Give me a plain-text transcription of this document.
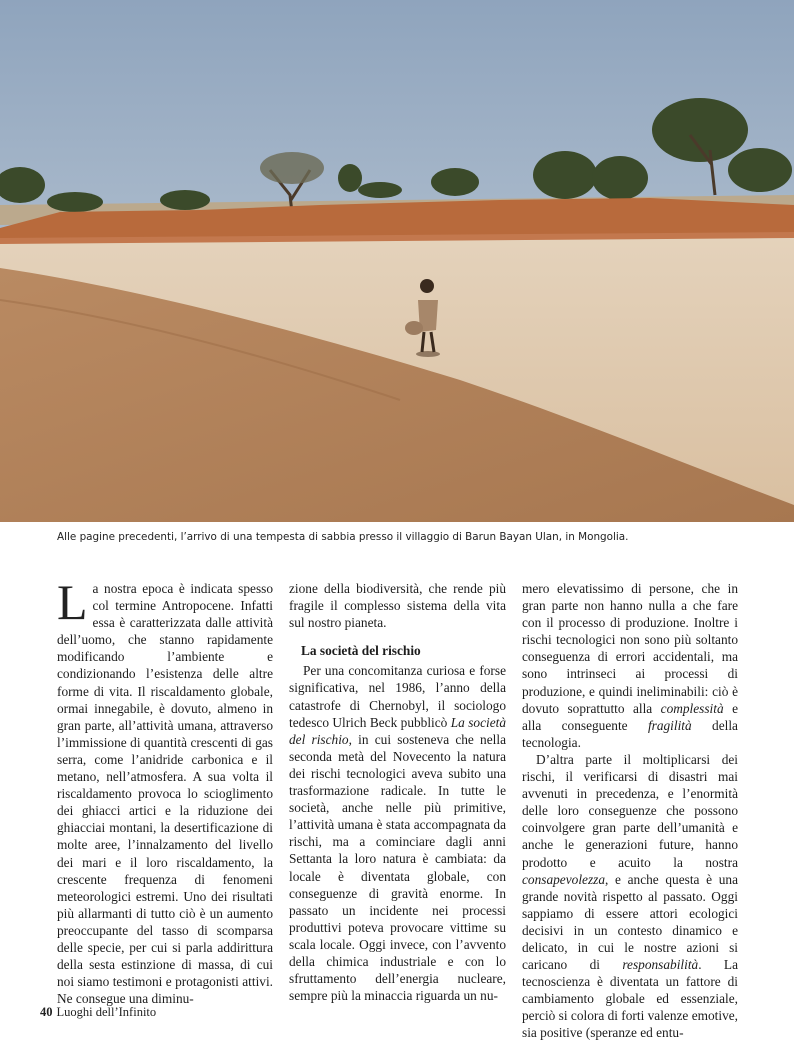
Alle pagine precedenti, l’arrivo di una tempesta di sabbia presso il villaggio di Barun Bayan Ulan, in Mongolia.

La nostra epoca è indicata spesso col termine Antropocene. Infatti essa è caratterizzata dalle attività dell’uomo, che stanno rapidamente modificando l’ambiente e condizionando l’esistenza delle altre forme di vita. Il riscaldamento globale, ormai innegabile, è dovuto, almeno in gran parte, all’attività umana, attraverso l’immissione di quantità crescenti di gas serra, come l’anidride carbonica e il metano, nell’atmosfera. A sua volta il riscaldamento provoca lo scioglimento dei ghiacci artici e la riduzione dei ghiacciai montani, la desertificazione di molte aree, l’innalzamento del livello dei mari e il loro riscaldamento, la crescente frequenza di fenomeni meteorologici estremi. Uno dei risultati più allarmanti di tutto ciò è un aumento preoccupante del tasso di scomparsa delle specie, per cui si parla addirittura della sesta estinzione di massa, di cui noi siamo testimoni e protagonisti attivi. Ne consegue una diminu-

zione della biodiversità, che rende più fragile il complesso sistema della vita sul nostro pianeta.

La società del rischio

Per una concomitanza curiosa e forse significativa, nel 1986, l’anno della catastrofe di Chernobyl, il sociologo tedesco Ulrich Beck pubblicò La società del rischio, in cui sosteneva che nella seconda metà del Novecento la natura dei rischi tecnologici aveva subito una trasformazione radicale. In tutte le società, anche nelle più primitive, l’attività umana è stata accompagnata da rischi, ma a cominciare dagli anni Settanta la loro natura è cambiata: da locale è diventata globale, con conseguenze di gravità enorme. In passato un incidente nei processi produttivi poteva provocare vittime su scala locale. Oggi invece, con l’avvento della chimica industriale e con lo sfruttamento dell’energia nucleare, sempre più la minaccia riguarda un nu-

mero elevatissimo di persone, che in gran parte non hanno nulla a che fare con il processo di produzione. Inoltre i rischi tecnologici non sono più soltanto conseguenza di errori accidentali, ma sono intrinseci ai processi di produzione, e quindi ineliminabili: ciò è dovuto soprattutto alla complessità e alla conseguente fragilità della tecnologia.

D’altra parte il moltiplicarsi dei rischi, il verificarsi di disastri mai avvenuti in precedenza, e l’enormità delle loro conseguenze che possono coinvolgere gran parte dell’umanità e anche le generazioni future, hanno prodotto e acuito la nostra consapevolezza, e anche questa è una grande novità rispetto al passato. Oggi sappiamo di essere attori ecologici decisivi in un contesto dinamico e delicato, in cui le nostre azioni si caricano di responsabilità. La tecnoscienza è diventata un fattore di cambiamento globale ed essenziale, perciò si colora di forti valenze emotive, sia positive (speranze ed entu-

40 Luoghi dell’Infinito
